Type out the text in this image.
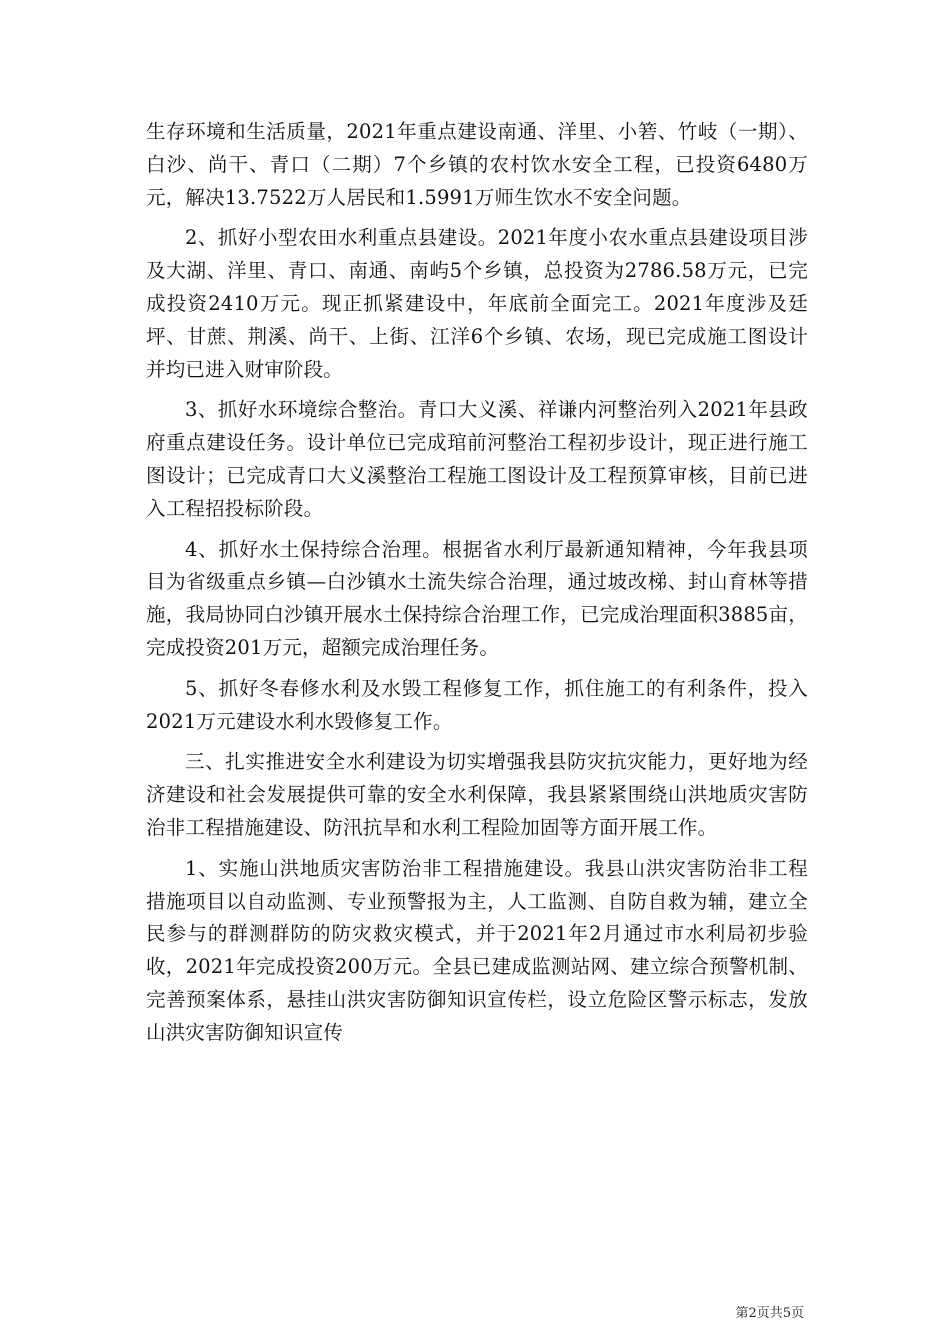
生存环境和生活质量，2021年重点建设南通、洋里、小箬、竹岐（一期）、白沙、尚干、青口（二期）7个乡镇的农村饮水安全工程，已投资6480万元，解决13.7522万人居民和1.5991万师生饮水不安全问题。

2、抓好小型农田水利重点县建设。2021年度小农水重点县建设项目涉及大湖、洋里、青口、南通、南屿5个乡镇，总投资为2786.58万元，已完成投资2410万元。现正抓紧建设中，年底前全面完工。2021年度涉及廷坪、甘蔗、荆溪、尚干、上街、江洋6个乡镇、农场，现已完成施工图设计并均已进入财审阶段。

3、抓好水环境综合整治。青口大义溪、祥谦内河整治列入2021年县政府重点建设任务。设计单位已完成琯前河整治工程初步设计，现正进行施工图设计；已完成青口大义溪整治工程施工图设计及工程预算审核，目前已进入工程招投标阶段。

4、抓好水土保持综合治理。根据省水利厅最新通知精神，今年我县项目为省级重点乡镇—白沙镇水土流失综合治理，通过坡改梯、封山育林等措施，我局协同白沙镇开展水土保持综合治理工作，已完成治理面积3885亩，完成投资201万元，超额完成治理任务。

5、抓好冬春修水利及水毁工程修复工作，抓住施工的有利条件，投入2021万元建设水利水毁修复工作。

三、扎实推进安全水利建设为切实增强我县防灾抗灾能力，更好地为经济建设和社会发展提供可靠的安全水利保障，我县紧紧围绕山洪地质灾害防治非工程措施建设、防汛抗旱和水利工程险加固等方面开展工作。

1、实施山洪地质灾害防治非工程措施建设。我县山洪灾害防治非工程措施项目以自动监测、专业预警报为主，人工监测、自防自救为辅，建立全民参与的群测群防的防灾救灾模式，并于2021年2月通过市水利局初步验收，2021年完成投资200万元。全县已建成监测站网、建立综合预警机制、完善预案体系，悬挂山洪灾害防御知识宣传栏，设立危险区警示标志，发放山洪灾害防御知识宣传

第2页共5页
